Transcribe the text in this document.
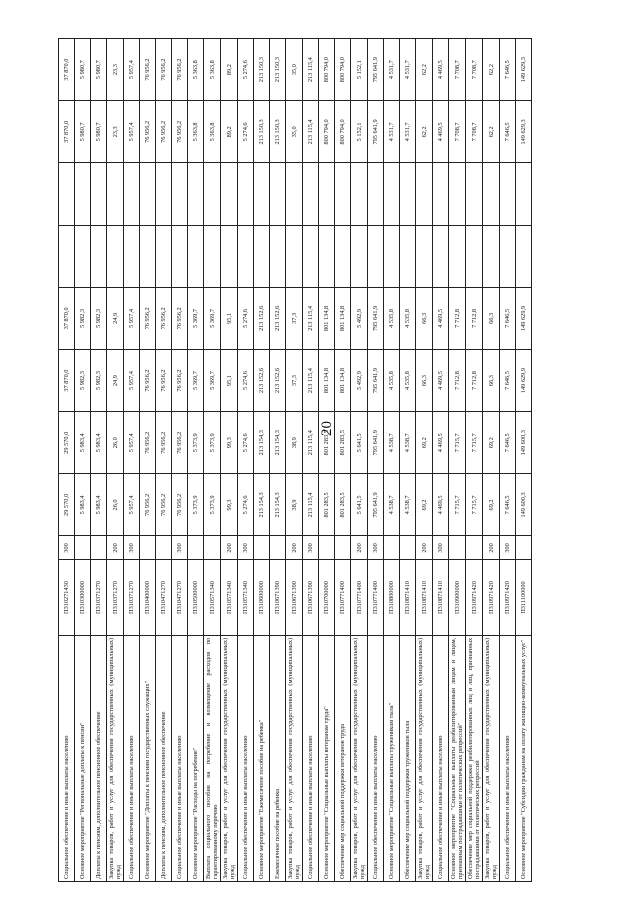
20
Социальное обеспечение и иные выплаты населению	П310271430	300	29 570,0	29 570,0	37 870,0	37 870,0			37 870,0	37 870,0
Основное мероприятие "Региональные доплаты к пенсии"	П310300000		5 983,4	5 983,4	5 982,3	5 982,3			5 980,7	5 980,7
Доплаты к пенсиям, дополнительное пенсионное обеспечение	П310371270		5 983,4	5 983,4	5 982,3	5 982,3			5 980,7	5 980,7
Закупка товаров, работ и услуг для обеспечения государственных (муниципальных) нужд	П310371270	200	26,0	26,0	24,9	24,9			23,3	23,3
Социальное обеспечение и иные выплаты населению	П310371270	300	5 957,4	5 957,4	5 957,4	5 957,4			5 957,4	5 957,4
Основное мероприятие "Доплаты к пенсиям государственных служащих"	П310400000		76 956,2	76 956,2	76 956,2	76 956,2			76 956,2	76 956,2
Доплаты к пенсиям, дополнительное пенсионное обеспечение	П310471270		76 956,2	76 956,2	76 956,2	76 956,2			76 956,2	76 956,2
Социальное обеспечение и иные выплаты населению	П310471270	300	76 956,2	76 956,2	76 956,2	76 956,2			76 956,2	76 956,2
Основное мероприятие "Расходы на погребение"	П310500000		5 373,9	5 373,9	5 369,7	5 369,7			5 363,8	5 363,8
Выплата социального пособия на погребение и возмещение расходов по гарантированному перечню	П310571340		5 373,9	5 373,9	5 369,7	5 369,7			5 363,8	5 363,8
Закупка товаров, работ и услуг для обеспечения государственных (муниципальных) нужд	П310571340	200	99,3	99,3	95,1	95,1			89,2	89,2
Социальное обеспечение и иные выплаты населению	П310571340	300	5 274,6	5 274,6	5 274,6	5 274,6			5 274,6	5 274,6
Основное мероприятие "Ежемесячное пособие на ребенка"	П310600000		213 154,3	213 154,3	213 152,6	213 152,6			213 150,3	213 150,3
Ежемесячное пособие на ребенка	П310671390		213 154,3	213 154,3	213 152,6	213 152,6			213 150,3	213 150,3
Закупка товаров, работ и услуг для обеспечения государственных (муниципальных) нужд	П310671390	200	38,9	38,9	37,3	37,3			35,0	35,0
Социальное обеспечение и иные выплаты населению	П310671390	300	213 115,4	213 115,4	213 115,4	213 115,4			213 115,4	213 115,4
Основное мероприятие "Социальные выплаты ветеранам труда"	П310700000		801 283,5	801 283,5	801 134,8	801 134,8			800 794,0	800 794,0
Обеспечение мер социальной поддержки ветеранов труда	П310771400		801 283,5	801 283,5	801 134,8	801 134,8			800 794,0	800 794,0
Закупка товаров, работ и услуг для обеспечения государственных (муниципальных) нужд	П310771400	200	5 641,5	5 641,5	5 492,9	5 492,9			5 152,1	5 152,1
Социальное обеспечение и иные выплаты населению	П310771400	300	795 641,9	795 641,9	795 641,9	795 641,9			795 641,9	795 641,9
Основное мероприятие "Социальные выплаты труженикам тыла"	П310800000		4 538,7	4 538,7	4 535,8	4 535,8			4 531,7	4 531,7
Обеспечение мер социальной поддержки тружеников тыла	П310871410		4 538,7	4 538,7	4 535,8	4 535,8			4 531,7	4 531,7
Закупка товаров, работ и услуг для обеспечения государственных (муниципальных) нужд	П310871410	200	69,2	69,2	66,3	66,3			62,2	62,2
Социальное обеспечение и иные выплаты населению	П310871410	300	4 469,5	4 469,5	4 469,5	4 469,5			4 469,5	4 469,5
Основное мероприятие "Социальные выплаты реабилитированным лицам и лицам, признанным пострадавшими от политических репрессий"	П310900000		7 715,7	7 715,7	7 712,8	7 712,8			7 708,7	7 708,7
Обеспечение мер социальной поддержки реабилитированных лиц и лиц, признанных пострадавшими от политических репрессий	П310971420		7 715,7	7 715,7	7 712,8	7 712,8			7 708,7	7 708,7
Закупка товаров, работ и услуг для обеспечения государственных (муниципальных) нужд	П310971420	200	69,2	69,2	66,3	66,3			62,2	62,2
Социальное обеспечение и иные выплаты населению	П310971420	300	7 646,5	7 646,5	7 646,5	7 646,5			7 646,5	7 646,5
Основное мероприятие "Субсидии гражданам на оплату жилищно-коммунальных услуг"	П311100000		149 600,3	149 600,3	149 629,9	149 629,9			149 629,3	149 629,3
